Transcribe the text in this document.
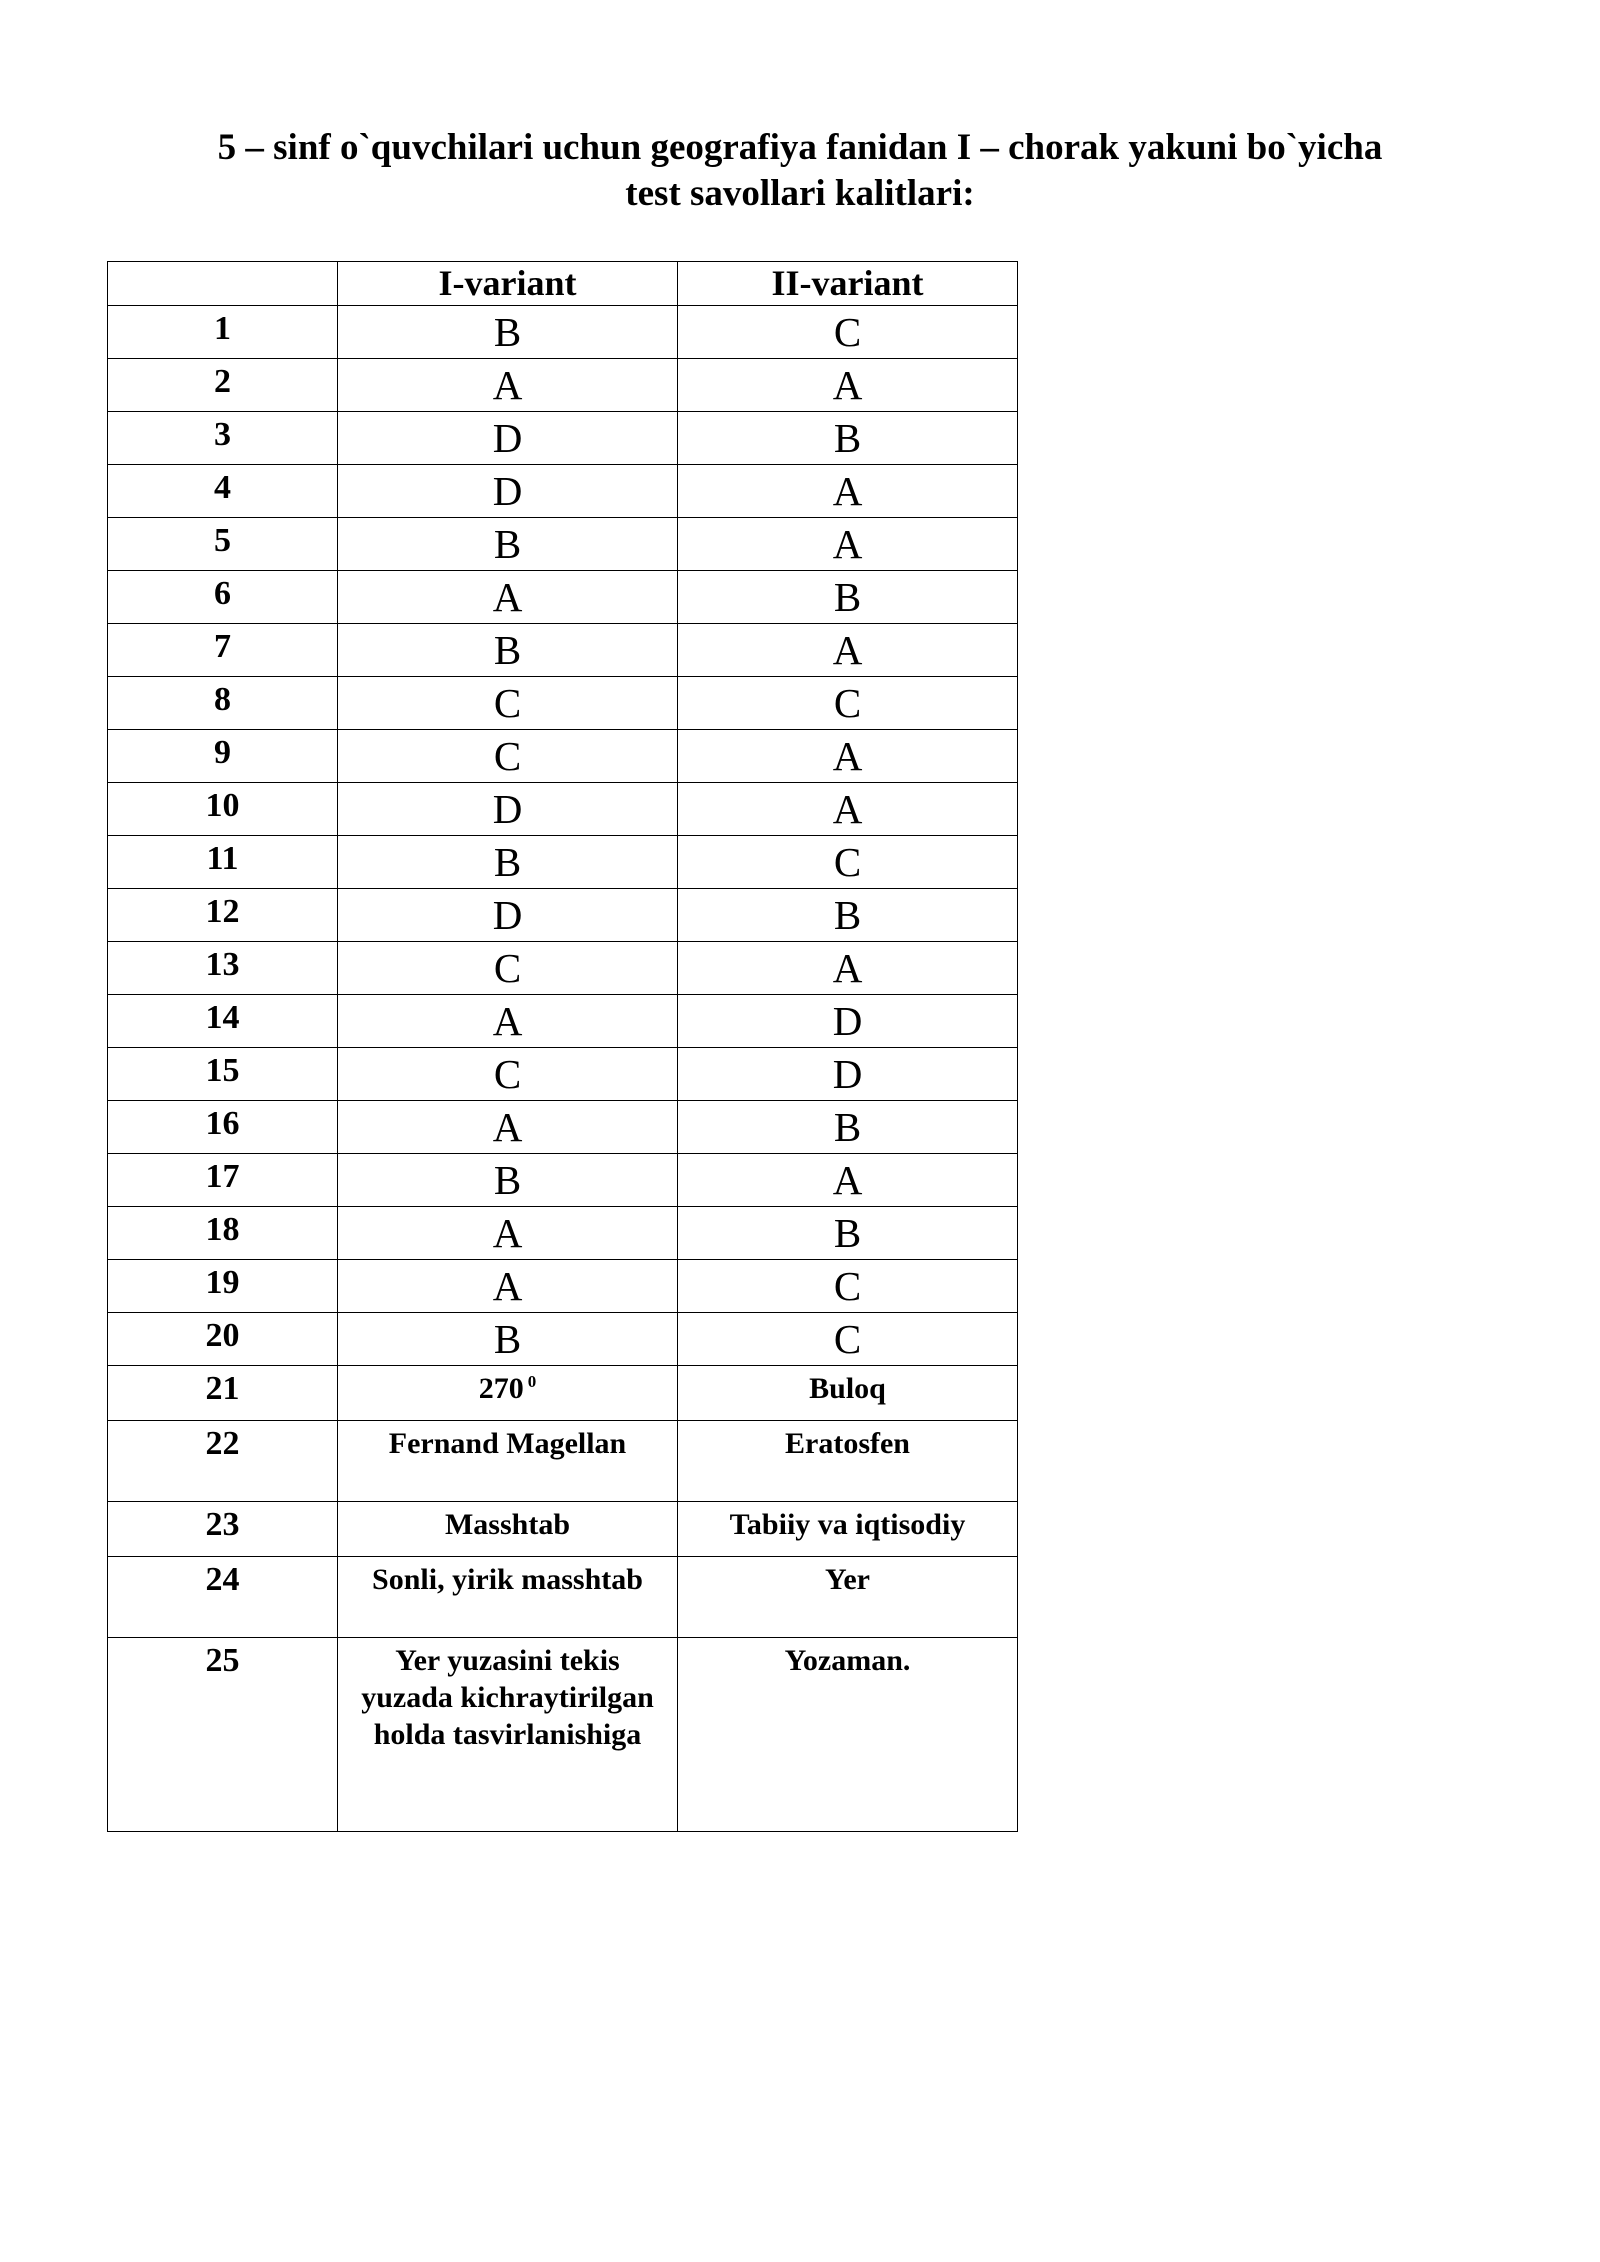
5 – sinf o`quvchilari uchun geografiya fanidan I – chorak yakuni bo`yicha
test savollari kalitlari:
	I-variant	II-variant
1	B	C
2	A	A
3	D	B
4	D	A
5	B	A
6	A	B
7	B	A
8	C	C
9	C	A
10	D	A
11	B	C
12	D	B
13	C	A
14	A	D
15	C	D
16	A	B
17	B	A
18	A	B
19	A	C
20	B	C
21	270 $^0$	Buloq
22	Fernand Magellan	Eratosfen
23	Masshtab	Tabiiy va iqtisodiy
24	Sonli, yirik masshtab	Yer
25	Yer yuzasini tekis yuzada kichraytirilgan holda tasvirlanishiga	Yozaman.
